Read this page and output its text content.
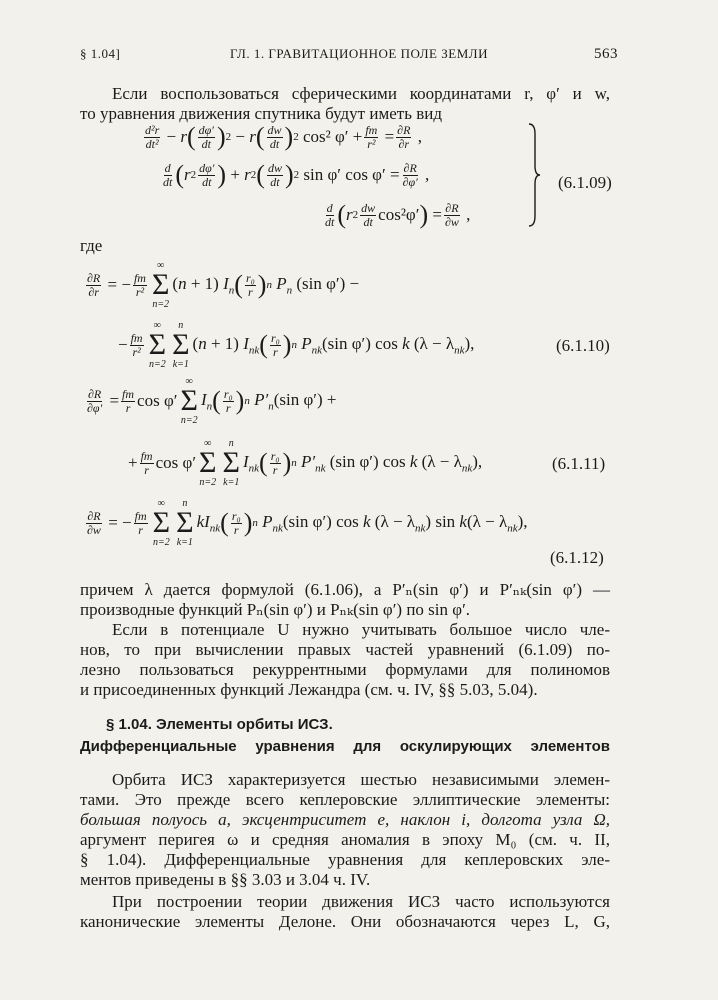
§ 1.04]	ГЛ. 1. ГРАВИТАЦИОННОЕ ПОЛЕ ЗЕМЛИ	563
Если воспользоваться сферическими координатами r, φ′ и w,
то уравнения движения спутника будут иметь вид
$\frac{\text{d²r}}{\text{dt²}} - r$ ( $\frac{d\varphi'}{dt}$ ) 2 − r ( $\frac{dw}{dt}$ ) 2 cos² $\varphi' + \frac{fm}{\text{r²}} = \frac{\partial R}{\partial r}$ ,
$\frac{d}{dt}$ ( r $2 \frac{d\varphi'}{dt}$ ) + r 2 ( $\frac{dw}{dt}$ ) 2 sin φ′ $\cos \varphi' = \frac{\partial R}{\partial\varphi'}$ ,
$\frac{d}{dt}$ ( r $2 \frac{dw}{dt} \cos^2\varphi'$ ) = $\frac{\partial R}{\partial w}$ ,
(6.1.09)
где
$\frac{\partial R}{\partial r}$ = − $\frac{fm}{\text{r²}}$
∞
Σ
n=2
(n + 1) $I_n$ ( $\frac{\text{r₀}}{r}$ ) n $P_n$ (sin φ′) −
− $\frac{fm}{\text{r²}}$
∞
Σ
n=2
n
Σ
k=1
(n + 1) $I_{nk}$ ( $\frac{\text{r₀}}{r}$ ) n $P_{nk}(\sin$ φ′) cos k $(\lambda - \lambda_{nk})$,	(6.1.10)
$\frac{\partial R}{\partial\varphi'} = \frac{fm}{r}$ cos φ′
∞
Σ
n=2
$I_n$ ( $\frac{\text{r₀}}{r}$ ) n $P'_n(\sin$ φ′) +
+ $\frac{fm}{r}$ cos φ′
∞
Σ
n=2
n
Σ
k=1
$I_{nk}$ ( $\frac{\text{r₀}}{r}$ ) n $P'_{nk}$ (sin φ′) cos k $(\lambda - \lambda_{nk})$,	(6.1.11)
$\frac{\partial R}{\partial w}$ = − $\frac{fm}{r}$
∞
Σ
n=2
n
Σ
k=1
$kI_{nk}$ ( $\frac{\text{r₀}}{r}$ ) n $P_{nk}(\sin$ φ′) cos k $(\lambda - \lambda_{nk})$ $\sin k(\lambda - \lambda_{nk})$,
(6.1.12)
причем λ дается формулой (6.1.06), а P′ₙ(sin φ′) и P′ₙₖ(sin φ′) —
производные функций Pₙ(sin φ′) и Pₙₖ(sin φ′) по sin φ′.
Если в потенциале U нужно учитывать большое число чле-
нов, то при вычислении правых частей уравнений (6.1.09) по-
лезно пользоваться рекуррентными формулами для полиномов
и присоединенных функций Лежандра (см. ч. IV, §§ 5.03, 5.04).
§ 1.04. Элементы орбиты ИСЗ.
Дифференциальные уравнения для оскулирующих элементов
Орбита ИСЗ характеризуется шестью независимыми элемен-
тами. Это прежде всего кеплеровские эллиптические элементы:
большая полуось a, эксцентриситет e, наклон i, долгота узла Ω,
аргумент перигея ω и средняя аномалия в эпоху M₀ (см. ч. II,
§ 1.04). Дифференциальные уравнения для кеплеровских эле-
ментов приведены в §§ 3.03 и 3.04 ч. IV.
При построении теории движения ИСЗ часто используются
канонические элементы Делоне. Они обозначаются через L, G,
